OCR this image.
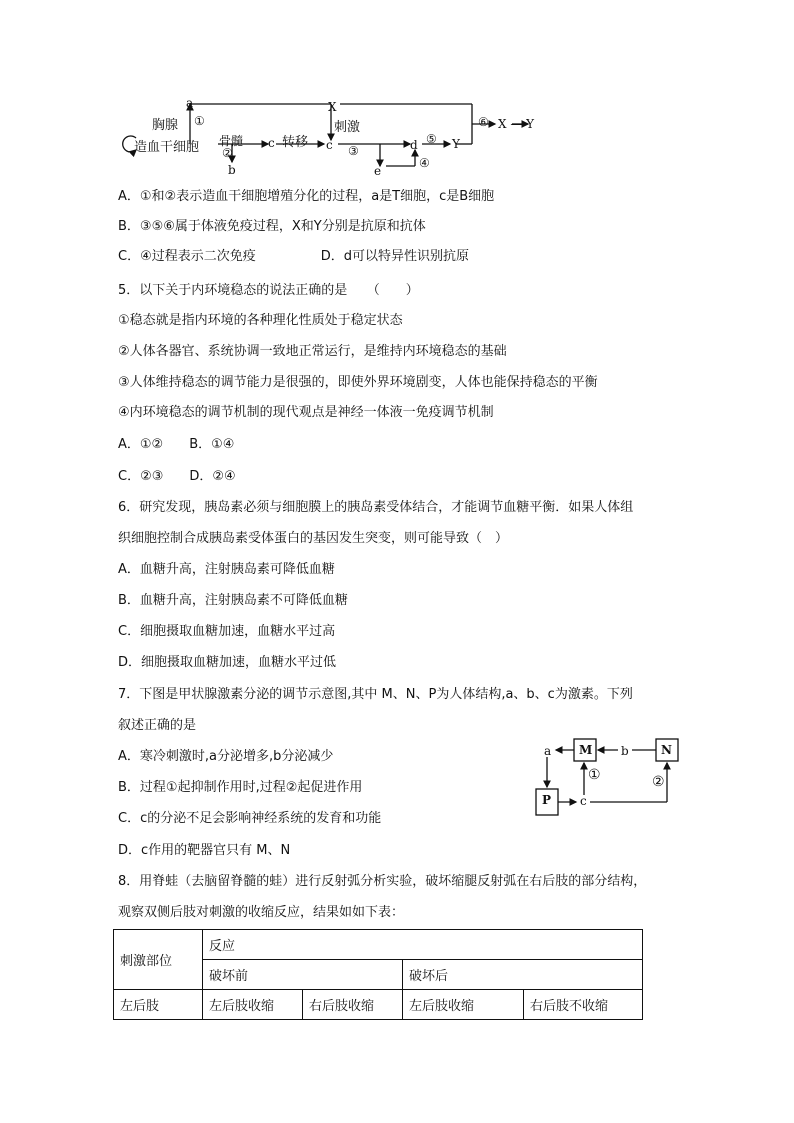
a
胸腺 ①
造血干细胞 骨髓
②
b
c 转移 c
X
刺激
③	d
e
④
⑤ Y
⑥ X — Y
A．①和②表示造血干细胞增殖分化的过程，a是T细胞，c是B细胞
B．③⑤⑥属于体液免疫过程，X和Y分别是抗原和抗体
C．④过程表示二次免疫　　　　　D．d可以特异性识别抗原
5．以下关于内环境稳态的说法正确的是　　（　　）
①稳态就是指内环境的各种理化性质处于稳定状态
②人体各器官、系统协调一致地正常运行，是维持内环境稳态的基础
③人体维持稳态的调节能力是很强的，即使外界环境剧变，人体也能保持稳态的平衡
④内环境稳态的调节机制的现代观点是神经一体液一免疫调节机制
A．①②　　B．①④
C．②③　　D．②④
6．研究发现，胰岛素必须与细胞膜上的胰岛素受体结合，才能调节血糖平衡．如果人体组
织细胞控制合成胰岛素受体蛋白的基因发生突变，则可能导致（　）
A．血糖升高，注射胰岛素可降低血糖
B．血糖升高，注射胰岛素不可降低血糖
C．细胞摄取血糖加速，血糖水平过高
D．细胞摄取血糖加速，血糖水平过低
7．下图是甲状腺激素分泌的调节示意图,其中 M、N、P为人体结构,a、b、c为激素。下列
叙述正确的是
A．寒冷刺激时,a分泌增多,b分泌减少
B．过程①起抑制作用时,过程②起促进作用
C．c的分泌不足会影响神经系统的发育和功能
D．c作用的靶器官只有 M、N
M	N
P
a	b
c
①	②
8．用脊蛙（去脑留脊髓的蛙）进行反射弧分析实验，破坏缩腿反射弧在右后肢的部分结构，
观察双侧后肢对刺激的收缩反应，结果如如下表：
刺激部位	反应			
	破坏前		破坏后	
左后肢	左后肢收缩	右后肢收缩	左后肢收缩	右后肢不收缩
